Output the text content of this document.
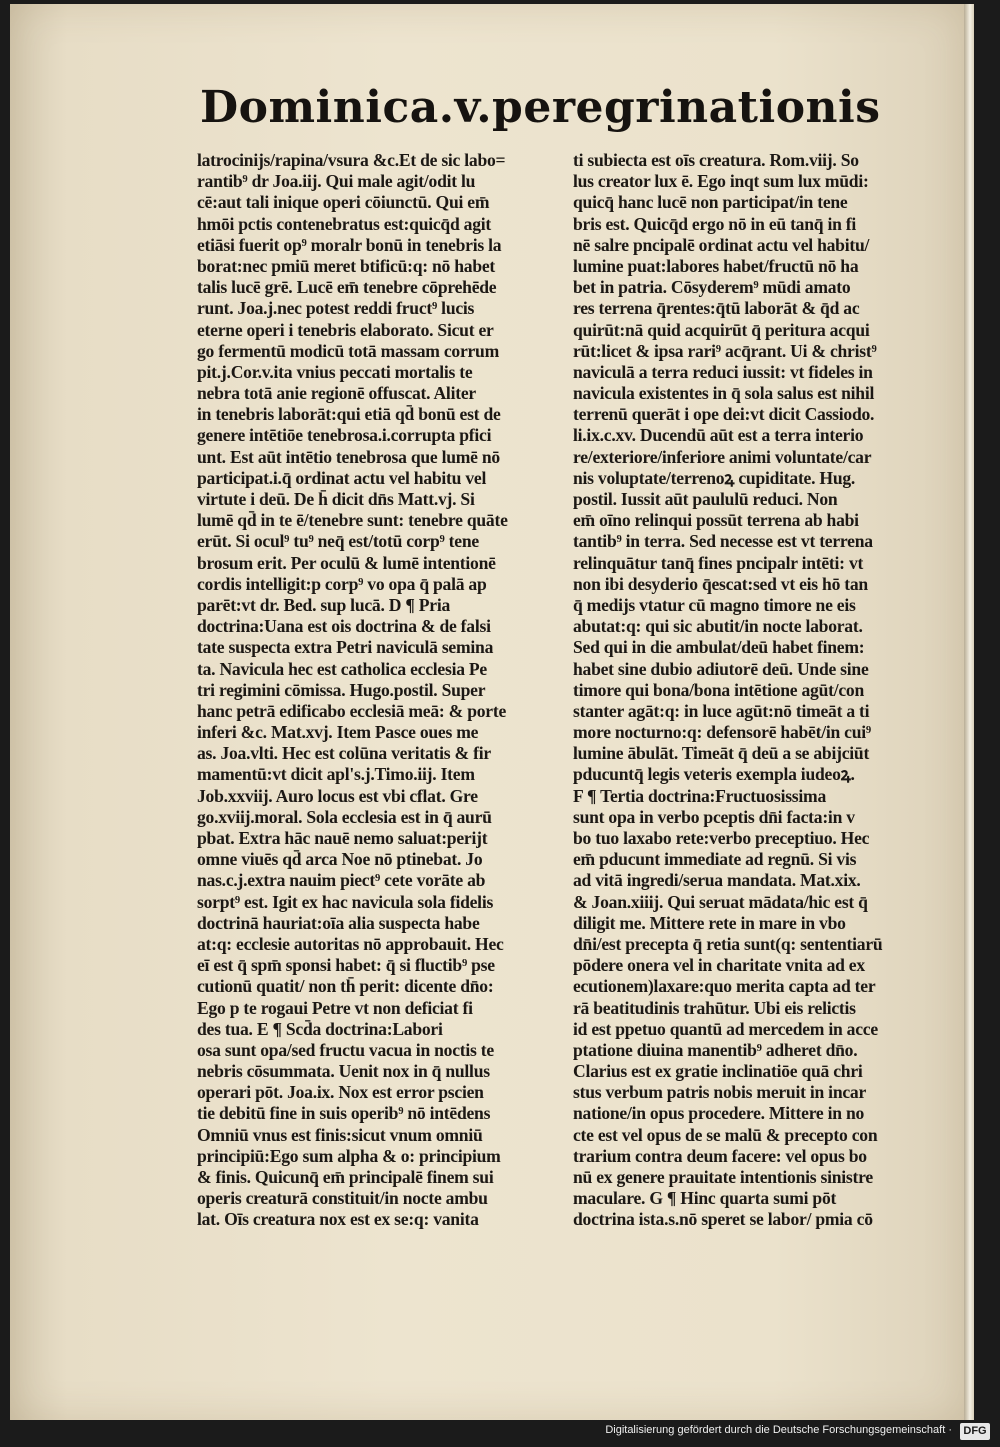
Dominica.v.peregrinationis
latrocinijs/rapina/vsura &c.Et de sic labo=
rantib⁹ dr Joa.iij. Qui male agit/odit lu
cē:aut tali inique operi cōiunctū. Qui em̄
hmōi pctis contenebratus est:quicq̄d agit
etiāsi fuerit op⁹ moralr bonū in tenebris la
borat:nec pmiū meret btificū:q: nō habet
talis lucē grē. Lucē em̄ tenebre cōprehēde
runt. Joa.j.nec potest reddi fruct⁹ lucis
eterne operi i tenebris elaborato. Sicut er
go fermentū modicū totā massam corrum
pit.j.Cor.v.ita vnius peccati mortalis te
nebra totā anie regionē offuscat. Aliter
in tenebris laborāt:qui etiā qd̄ bonū est de
genere intētiōe tenebrosa.i.corrupta pfici
unt. Est aūt intētio tenebrosa que lumē nō
participat.i.q̄ ordinat actu vel habitu vel
virtute i deū. De h̄ dicit dn̄s Matt.vj. Si
lumē qd̄ in te ē/tenebre sunt: tenebre quāte
erūt. Si ocul⁹ tu⁹ neq̄ est/totū corp⁹ tene
brosum erit. Per oculū & lumē intentionē
cordis intelligit:p corp⁹ vo opa q̄ palā ap
parēt:vt dr. Bed. sup lucā. D ¶ Pria
doctrina:Uana est ois doctrina & de falsi
tate suspecta extra Petri naviculā semina
ta. Navicula hec est catholica ecclesia Pe
tri regimini cōmissa. Hugo.postil. Super
hanc petrā edificabo ecclesiā meā: & porte
inferi &c. Mat.xvj. Item Pasce oues me
as. Joa.vlti. Hec est colūna veritatis & fir
mamentū:vt dicit apl's.j.Timo.iij. Item
Job.xxviij. Auro locus est vbi cflat. Gre
go.xviij.moral. Sola ecclesia est in q̄ aurū
pbat. Extra hāc nauē nemo saluat:perijt
omne viuēs qd̄ arca Noe nō ptinebat. Jo
nas.c.j.extra nauim piect⁹ cete vorāte ab
sorpt⁹ est. Igit ex hac navicula sola fidelis
doctrinā hauriat:oīa alia suspecta habe
at:q: ecclesie autoritas nō approbauit. Hec
eī est q̄ spm̄ sponsi habet: q̄ si fluctib⁹ pse
cutionū quatit/ non th̄ perit: dicente dn̄o:
Ego p te rogaui Petre vt non deficiat fi
des tua. E ¶ Scd̄a doctrina:Labori
osa sunt opa/sed fructu vacua in noctis te
nebris cōsummata. Uenit nox in q̄ nullus
operari pōt. Joa.ix. Nox est error pscien
tie debitū fine in suis operib⁹ nō intēdens
Omniū vnus est finis:sicut vnum omniū
principiū:Ego sum alpha & o: principium
& finis. Quicunq̄ em̄ principalē finem sui
operis creaturā constituit/in nocte ambu
lat. Oīs creatura nox est ex se:q: vanita
ti subiecta est oīs creatura. Rom.viij. So
lus creator lux ē. Ego inqt sum lux mūdi:
quicq̄ hanc lucē non participat/in tene
bris est. Quicq̄d ergo nō in eū tanq̄ in fi
nē salre pncipalē ordinat actu vel habitu/
lumine puat:labores habet/fructū nō ha
bet in patria. Cōsyderem⁹ mūdi amato
res terrena q̄rentes:q̄tū laborāt & q̄d ac
quirūt:nā quid acquirūt q̄ peritura acqui
rūt:licet & ipsa rari⁹ acq̄rant. Ui & christ⁹
naviculā a terra reduci iussit: vt fideles in
navicula existentes in q̄ sola salus est nihil
terrenū querāt i ope dei:vt dicit Cassiodo.
li.ix.c.xv. Ducendū aūt est a terra interio
re/exteriore/inferiore animi voluntate/car
nis voluptate/terrenoꝝ cupiditate. Hug.
postil. Iussit aūt paululū reduci. Non
em̄ oīno relinqui possūt terrena ab habi
tantib⁹ in terra. Sed necesse est vt terrena
relinquātur tanq̄ fines pncipalr intēti: vt
non ibi desyderio q̄escat:sed vt eis hō tan
q̄ medijs vtatur cū magno timore ne eis
abutat:q: qui sic abutit/in nocte laborat.
Sed qui in die ambulat/deū habet finem:
habet sine dubio adiutorē deū. Unde sine
timore qui bona/bona intētione agūt/con
stanter agāt:q: in luce agūt:nō timeāt a ti
more nocturno:q: defensorē habēt/in cui⁹
lumine ābulāt. Timeāt q̄ deū a se abijciūt
pducuntq̄ legis veteris exempla iudeoꝝ.
F ¶ Tertia doctrina:Fructuosissima
sunt opa in verbo pceptis dn̄i facta:in v
bo tuo laxabo rete:verbo preceptiuo. Hec
em̄ pducunt immediate ad regnū. Si vis
ad vitā ingredi/serua mandata. Mat.xix.
& Joan.xiiij. Qui seruat mādata/hic est q̄
diligit me. Mittere rete in mare in vbo
dn̄i/est precepta q̄ retia sunt(q: sententiarū
pōdere onera vel in charitate vnita ad ex
ecutionem)laxare:quo merita capta ad ter
rā beatitudinis trahūtur. Ubi eis relictis
id est ppetuo quantū ad mercedem in acce
ptatione diuina manentib⁹ adheret dn̄o.
Clarius est ex gratie inclinatiōe quā chri
stus verbum patris nobis meruit in incar
natione/in opus procedere. Mittere in no
cte est vel opus de se malū & precepto con
trarium contra deum facere: vel opus bo
nū ex genere prauitate intentionis sinistre
maculare. G ¶ Hinc quarta sumi pōt
doctrina ista.s.nō speret se labor/ pmia cō
Digitalisierung gefördert durch die Deutsche Forschungsgemeinschaft ·	DFG
